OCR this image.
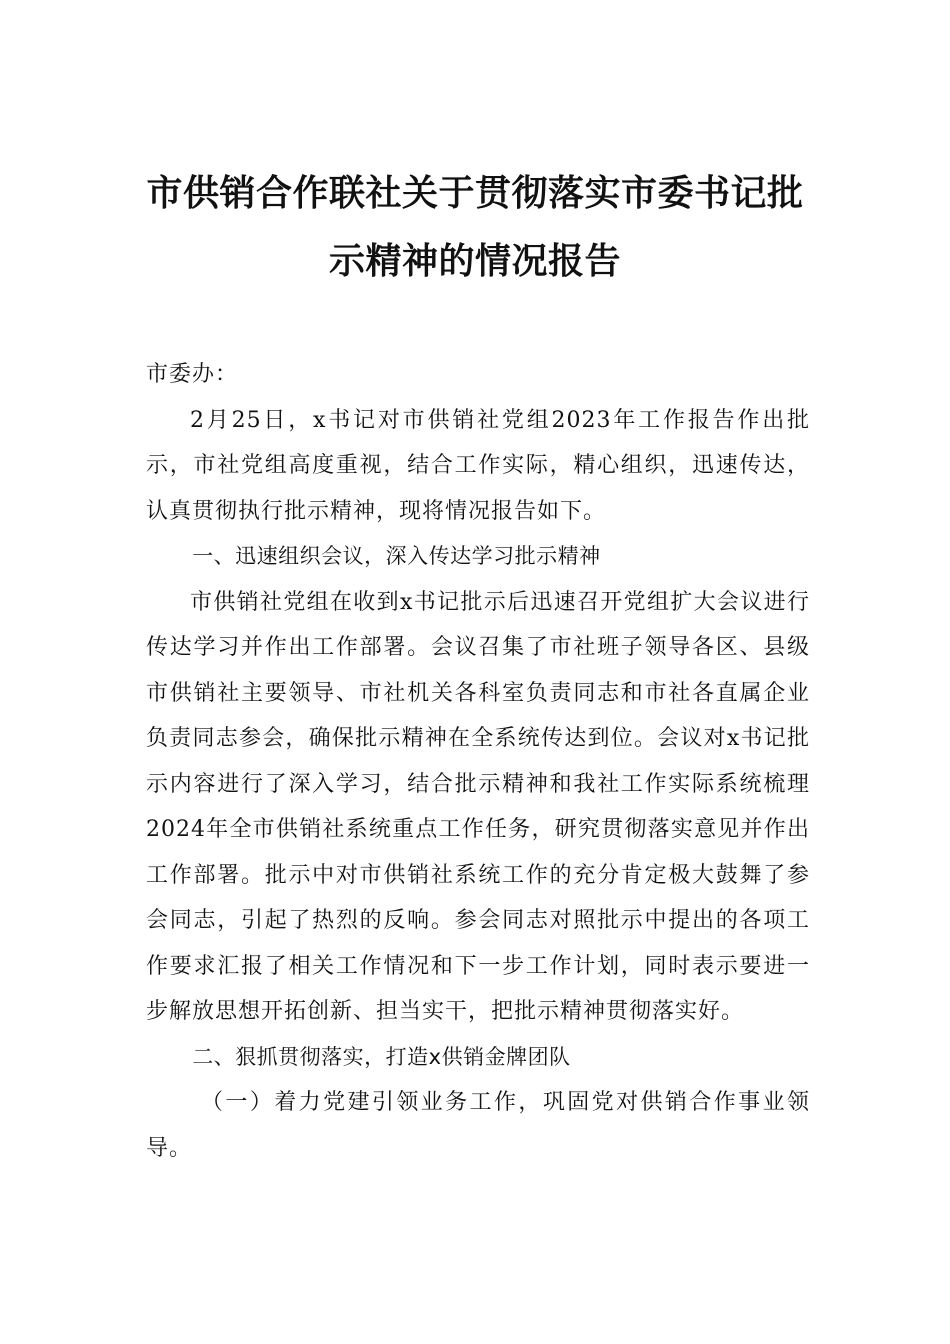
市供销合作联社关于贯彻落实市委书记批
示精神的情况报告

市委办：

2月25日，x书记对市供销社党组2023年工作报告作出批示，市社党组高度重视，结合工作实际，精心组织，迅速传达，认真贯彻执行批示精神，现将情况报告如下。

一、迅速组织会议，深入传达学习批示精神

市供销社党组在收到x书记批示后迅速召开党组扩大会议进行传达学习并作出工作部署。会议召集了市社班子领导各区、县级市供销社主要领导、市社机关各科室负责同志和市社各直属企业负责同志参会，确保批示精神在全系统传达到位。会议对x书记批示内容进行了深入学习，结合批示精神和我社工作实际系统梳理2024年全市供销社系统重点工作任务，研究贯彻落实意见并作出工作部署。批示中对市供销社系统工作的充分肯定极大鼓舞了参会同志，引起了热烈的反响。参会同志对照批示中提出的各项工作要求汇报了相关工作情况和下一步工作计划，同时表示要进一步解放思想开拓创新、担当实干，把批示精神贯彻落实好。

二、狠抓贯彻落实，打造x供销金牌团队

（一）着力党建引领业务工作，巩固党对供销合作事业领导。
